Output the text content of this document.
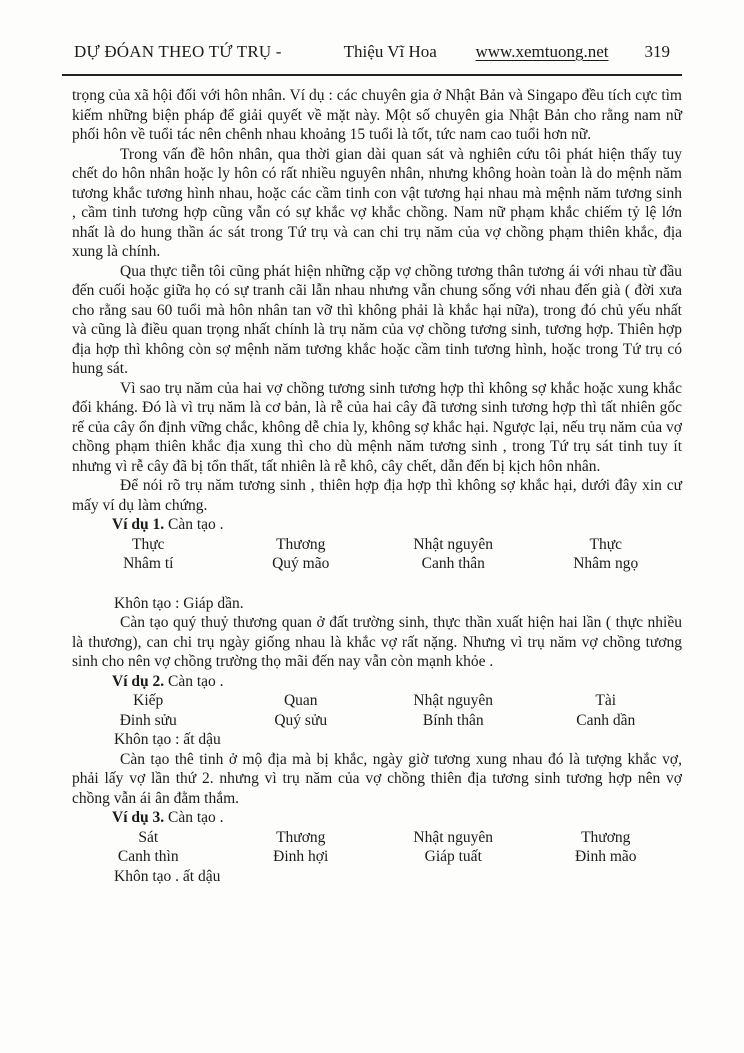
DỰ ĐÓAN THEO TỨ TRỤ -	Thiệu Vĩ Hoa www.xemtuong.net 319

trọng của xã hội đối với hôn nhân. Ví dụ : các chuyên gia ở Nhật Bản và Singapo đều tích cực tìm kiếm những biện pháp để giải quyết về mặt này. Một số chuyên gia Nhật Bản cho rằng nam nữ phối hôn về tuổi tác nên chênh nhau khoảng 15 tuổi là tốt, tức nam cao tuổi hơn nữ.

Trong vấn đề hôn nhân, qua thời gian dài quan sát và nghiên cứu tôi phát hiện thấy tuy chết do hôn nhân hoặc ly hôn có rất nhiều nguyên nhân, nhưng không hoàn toàn là do mệnh năm tương khắc tương hình nhau, hoặc các cầm tinh con vật tương hại nhau mà mệnh năm tương sinh , cầm tinh tương hợp cũng vẫn có sự khắc vợ khắc chồng. Nam nữ phạm khắc chiếm tỷ lệ lớn nhất là do hung thần ác sát trong Tứ trụ và can chi trụ năm của vợ chồng phạm thiên khắc, địa xung là chính.

Qua thực tiễn tôi cũng phát hiện những cặp vợ chồng tương thân tương ái với nhau từ đầu đến cuối hoặc giữa họ có sự tranh cãi lẫn nhau nhưng vẫn chung sống với nhau đến già ( đời xưa cho rằng sau 60 tuổi mà hôn nhân tan vỡ thì không phải là khắc hại nữa), trong đó chủ yếu nhất và cũng là điều quan trọng nhất chính là trụ năm của vợ chồng tương sinh, tương hợp. Thiên hợp địa hợp thì không còn sợ mệnh năm tương khắc hoặc cầm tinh tương hình, hoặc trong Tứ trụ có hung sát.

Vì sao trụ năm của hai vợ chồng tương sinh tương hợp thì không sợ khắc hoặc xung khắc đối kháng. Đó là vì trụ năm là cơ bản, là rễ của hai cây đã tương sinh tương hợp thì tất nhiên gốc rế của cây ổn định vững chắc, không dễ chia ly, không sợ khắc hại. Ngược lại, nếu trụ năm của vợ chồng phạm thiên khắc địa xung thì cho dù mệnh năm tương sinh , trong Tứ trụ sát tinh tuy ít nhưng vì rễ cây đã bị tổn thất, tất nhiên là rễ khô, cây chết, dẫn đến bị kịch hôn nhân.

Để nói rõ trụ năm tương sinh , thiên hợp địa hợp thì không sợ khắc hại, dưới đây xin cư mấy ví dụ làm chứng.

Ví dụ 1. Càn tạo .

Thực	Thương	Nhật nguyên	Thực
Nhâm tí	Quý mão	Canh thân	Nhâm ngọ

Khôn tạo : Giáp dần.

Càn tạo quý thuỷ thương quan ở đất trường sinh, thực thần xuất hiện hai lần ( thực nhiều là thương), can chi trụ ngày giống nhau là khắc vợ rất nặng. Nhưng vì trụ năm vợ chồng tương sinh cho nên vợ chồng trường thọ mãi đến nay vẫn còn mạnh khỏe .

Ví dụ 2. Càn tạo .

Kiếp	Quan	Nhật nguyên	Tài
Đinh sửu	Quý sửu	Bính thân	Canh dần

Khôn tạo : ất dậu

Càn tạo thê tinh ở mộ địa mà bị khắc, ngày giờ tương xung nhau đó là tượng khắc vợ, phải lấy vợ lần thứ 2. nhưng vì trụ năm của vợ chồng thiên địa tương sinh tương hợp nên vợ chồng vẫn ái ân đằm thắm.

Ví dụ 3. Càn tạo .

Sát	Thương	Nhật nguyên	Thương
Canh thìn	Đinh hợi	Giáp tuất	Đinh mão

Khôn tạo . ất dậu
